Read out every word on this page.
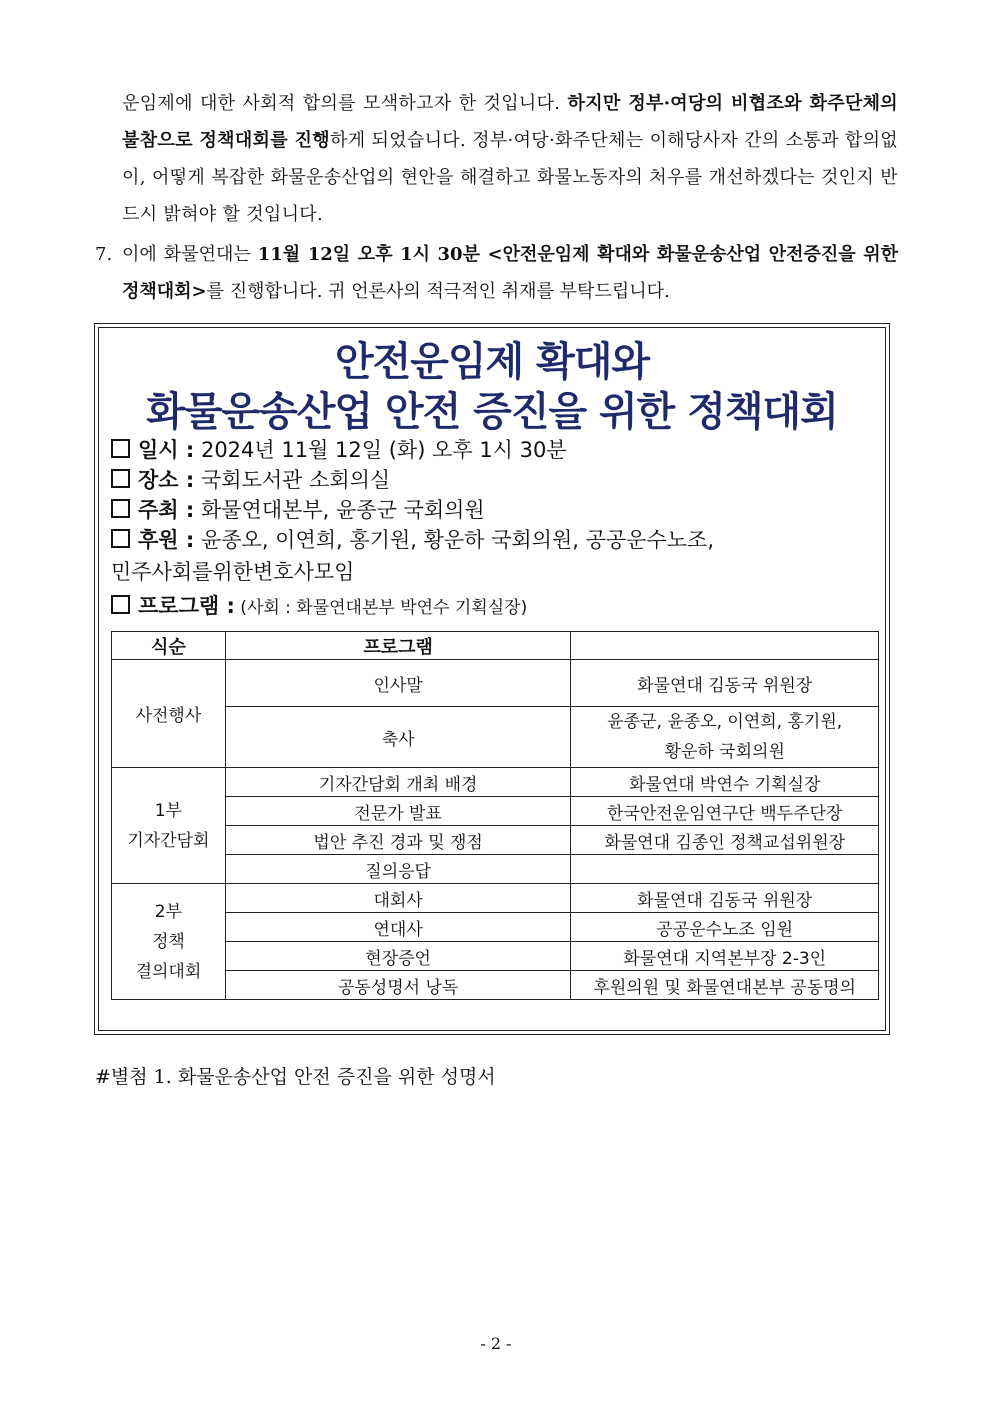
운임제에 대한 사회적 합의를 모색하고자 한 것입니다. 하지만 정부·여당의 비협조와 화주단체의 불참으로 정책대회를 진행하게 되었습니다. 정부·여당·화주단체는 이해당사자 간의 소통과 합의없이, 어떻게 복잡한 화물운송산업의 현안을 해결하고 화물노동자의 처우를 개선하겠다는 것인지 반드시 밝혀야 할 것입니다.
7. 이에 화물연대는 11월 12일 오후 1시 30분 <안전운임제 확대와 화물운송산업 안전증진을 위한 정책대회>를 진행합니다. 귀 언론사의 적극적인 취재를 부탁드립니다.
안전운임제 확대와
화물운송산업 안전 증진을 위한 정책대회
일시 : 2024년 11월 12일 (화) 오후 1시 30분
장소 : 국회도서관 소회의실
주최 : 화물연대본부, 윤종군 국회의원
후원 : 윤종오, 이연희, 홍기원, 황운하 국회의원, 공공운수노조,
민주사회를위한변호사모임
프로그램 : (사회 : 화물연대본부 박연수 기획실장)
식순	프로그램	
사전행사	인사말	화물연대 김동국 위원장
	축사	윤종군, 윤종오, 이연희, 홍기원,
황운하 국회의원
1부
기자간담회	기자간담회 개최 배경	화물연대 박연수 기획실장
	전문가 발표	한국안전운임연구단 백두주단장
	법안 추진 경과 및 쟁점	화물연대 김종인 정책교섭위원장
	질의응답	
2부
정책
결의대회	대회사	화물연대 김동국 위원장
	연대사	공공운수노조 임원
	현장증언	화물연대 지역본부장 2-3인
	공동성명서 낭독	후원의원 및 화물연대본부 공동명의
#별첨 1. 화물운송산업 안전 증진을 위한 성명서
- 2 -
